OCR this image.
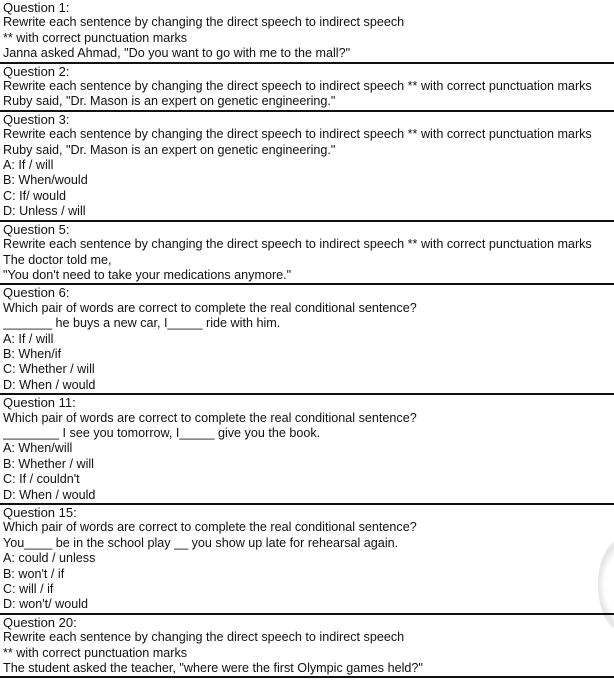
Question 1:
Rewrite each sentence by changing the direct speech to indirect speech
** with correct punctuation marks
Janna asked Ahmad, "Do you want to go with me to the mall?"
Question 2:
Rewrite each sentence by changing the direct speech to indirect speech ** with correct punctuation marks
Ruby said, "Dr. Mason is an expert on genetic engineering."
Question 3:
Rewrite each sentence by changing the direct speech to indirect speech ** with correct punctuation marks
Ruby said, "Dr. Mason is an expert on genetic engineering."
A: If / will
B: When/would
C: If/ would
D: Unless / will
Question 5:
Rewrite each sentence by changing the direct speech to indirect speech ** with correct punctuation marks
The doctor told me,
"You don't need to take your medications anymore."
Question 6:
Which pair of words are correct to complete the real conditional sentence?
_______ he buys a new car, I_____ ride with him.
A: If / will
B: When/if
C: Whether / will
D: When / would
Question 11:
Which pair of words are correct to complete the real conditional sentence?
________ I see you tomorrow, I_____ give you the book.
A: When/will
B: Whether / will
C: If / couldn't
D: When / would
Question 15:
Which pair of words are correct to complete the real conditional sentence?
You____ be in the school play __ you show up late for rehearsal again.
A: could / unless
B: won't / if
C: will / if
D: won't/ would
Question 20:
Rewrite each sentence by changing the direct speech to indirect speech
** with correct punctuation marks
The student asked the teacher, "where were the first Olympic games held?"
